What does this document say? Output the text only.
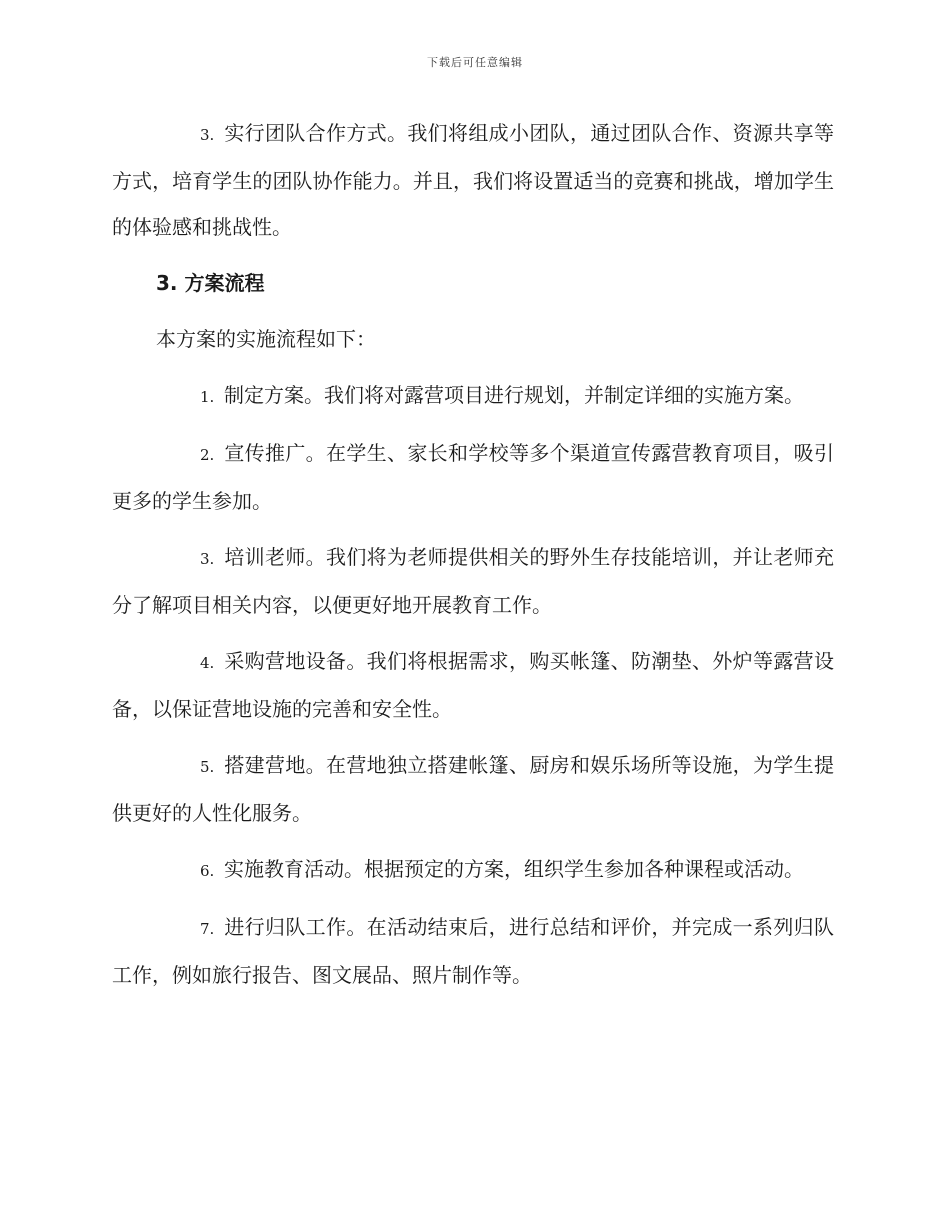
下载后可任意编辑

3. 实行团队合作方式。我们将组成小团队，通过团队合作、资源共享等方式，培育学生的团队协作能力。并且，我们将设置适当的竞赛和挑战，增加学生的体验感和挑战性。

3. 方案流程

本方案的实施流程如下：

1. 制定方案。我们将对露营项目进行规划，并制定详细的实施方案。

2. 宣传推广。在学生、家长和学校等多个渠道宣传露营教育项目，吸引更多的学生参加。

3. 培训老师。我们将为老师提供相关的野外生存技能培训，并让老师充分了解项目相关内容，以便更好地开展教育工作。

4. 采购营地设备。我们将根据需求，购买帐篷、防潮垫、外炉等露营设备，以保证营地设施的完善和安全性。

5. 搭建营地。在营地独立搭建帐篷、厨房和娱乐场所等设施，为学生提供更好的人性化服务。

6. 实施教育活动。根据预定的方案，组织学生参加各种课程或活动。

7. 进行归队工作。在活动结束后，进行总结和评价，并完成一系列归队工作，例如旅行报告、图文展品、照片制作等。
